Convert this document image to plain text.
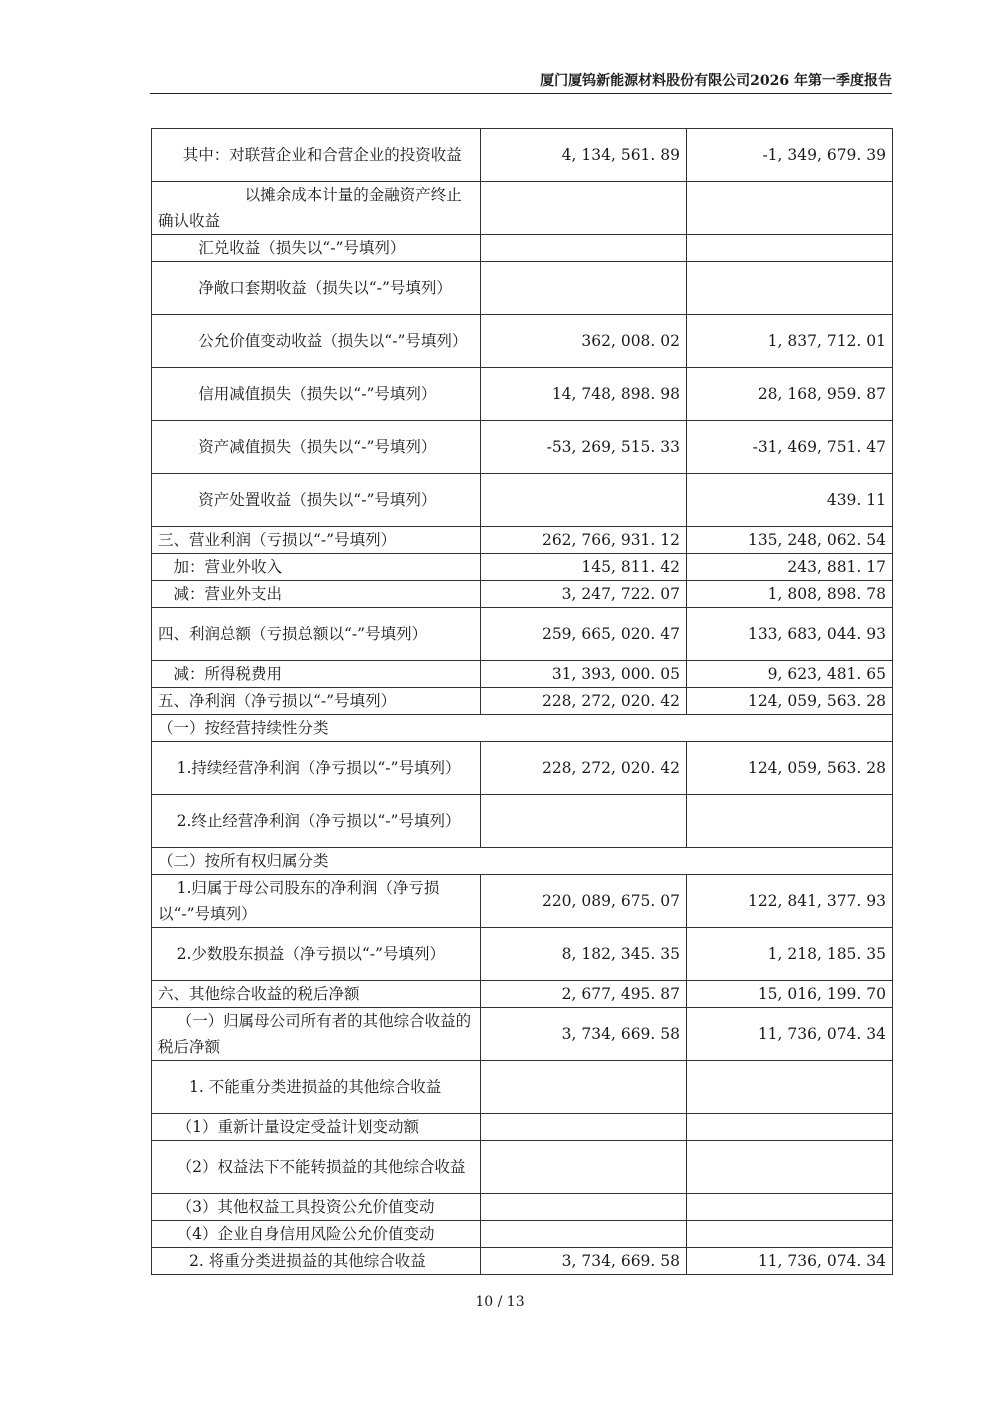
厦门厦钨新能源材料股份有限公司2026 年第一季度报告
其中：对联营企业和合营企业的投资收益	4, 134, 561. 89	-1, 349, 679. 39
以摊余成本计量的金融资产终止确认收益		
汇兑收益（损失以“-”号填列）		
净敞口套期收益（损失以“-”号填列）		
公允价值变动收益（损失以“-”号填列）	362, 008. 02	1, 837, 712. 01
信用减值损失（损失以“-”号填列）	14, 748, 898. 98	28, 168, 959. 87
资产减值损失（损失以“-”号填列）	-53, 269, 515. 33	-31, 469, 751. 47
资产处置收益（损失以“-”号填列）		439. 11
三、营业利润（亏损以“-”号填列）	262, 766, 931. 12	135, 248, 062. 54
加：营业外收入	145, 811. 42	243, 881. 17
减：营业外支出	3, 247, 722. 07	1, 808, 898. 78
四、利润总额（亏损总额以“-”号填列）	259, 665, 020. 47	133, 683, 044. 93
减：所得税费用	31, 393, 000. 05	9, 623, 481. 65
五、净利润（净亏损以“-”号填列）	228, 272, 020. 42	124, 059, 563. 28
（一）按经营持续性分类		
1.持续经营净利润（净亏损以“-”号填列）	228, 272, 020. 42	124, 059, 563. 28
2.终止经营净利润（净亏损以“-”号填列）		
（二）按所有权归属分类		
1.归属于母公司股东的净利润（净亏损以“-”号填列）	220, 089, 675. 07	122, 841, 377. 93
2.少数股东损益（净亏损以“-”号填列）	8, 182, 345. 35	1, 218, 185. 35
六、其他综合收益的税后净额	2, 677, 495. 87	15, 016, 199. 70
（一）归属母公司所有者的其他综合收益的税后净额	3, 734, 669. 58	11, 736, 074. 34
1. 不能重分类进损益的其他综合收益		
（1）重新计量设定受益计划变动额		
（2）权益法下不能转损益的其他综合收益		
（3）其他权益工具投资公允价值变动		
（4）企业自身信用风险公允价值变动		
2. 将重分类进损益的其他综合收益	3, 734, 669. 58	11, 736, 074. 34
10 / 13
